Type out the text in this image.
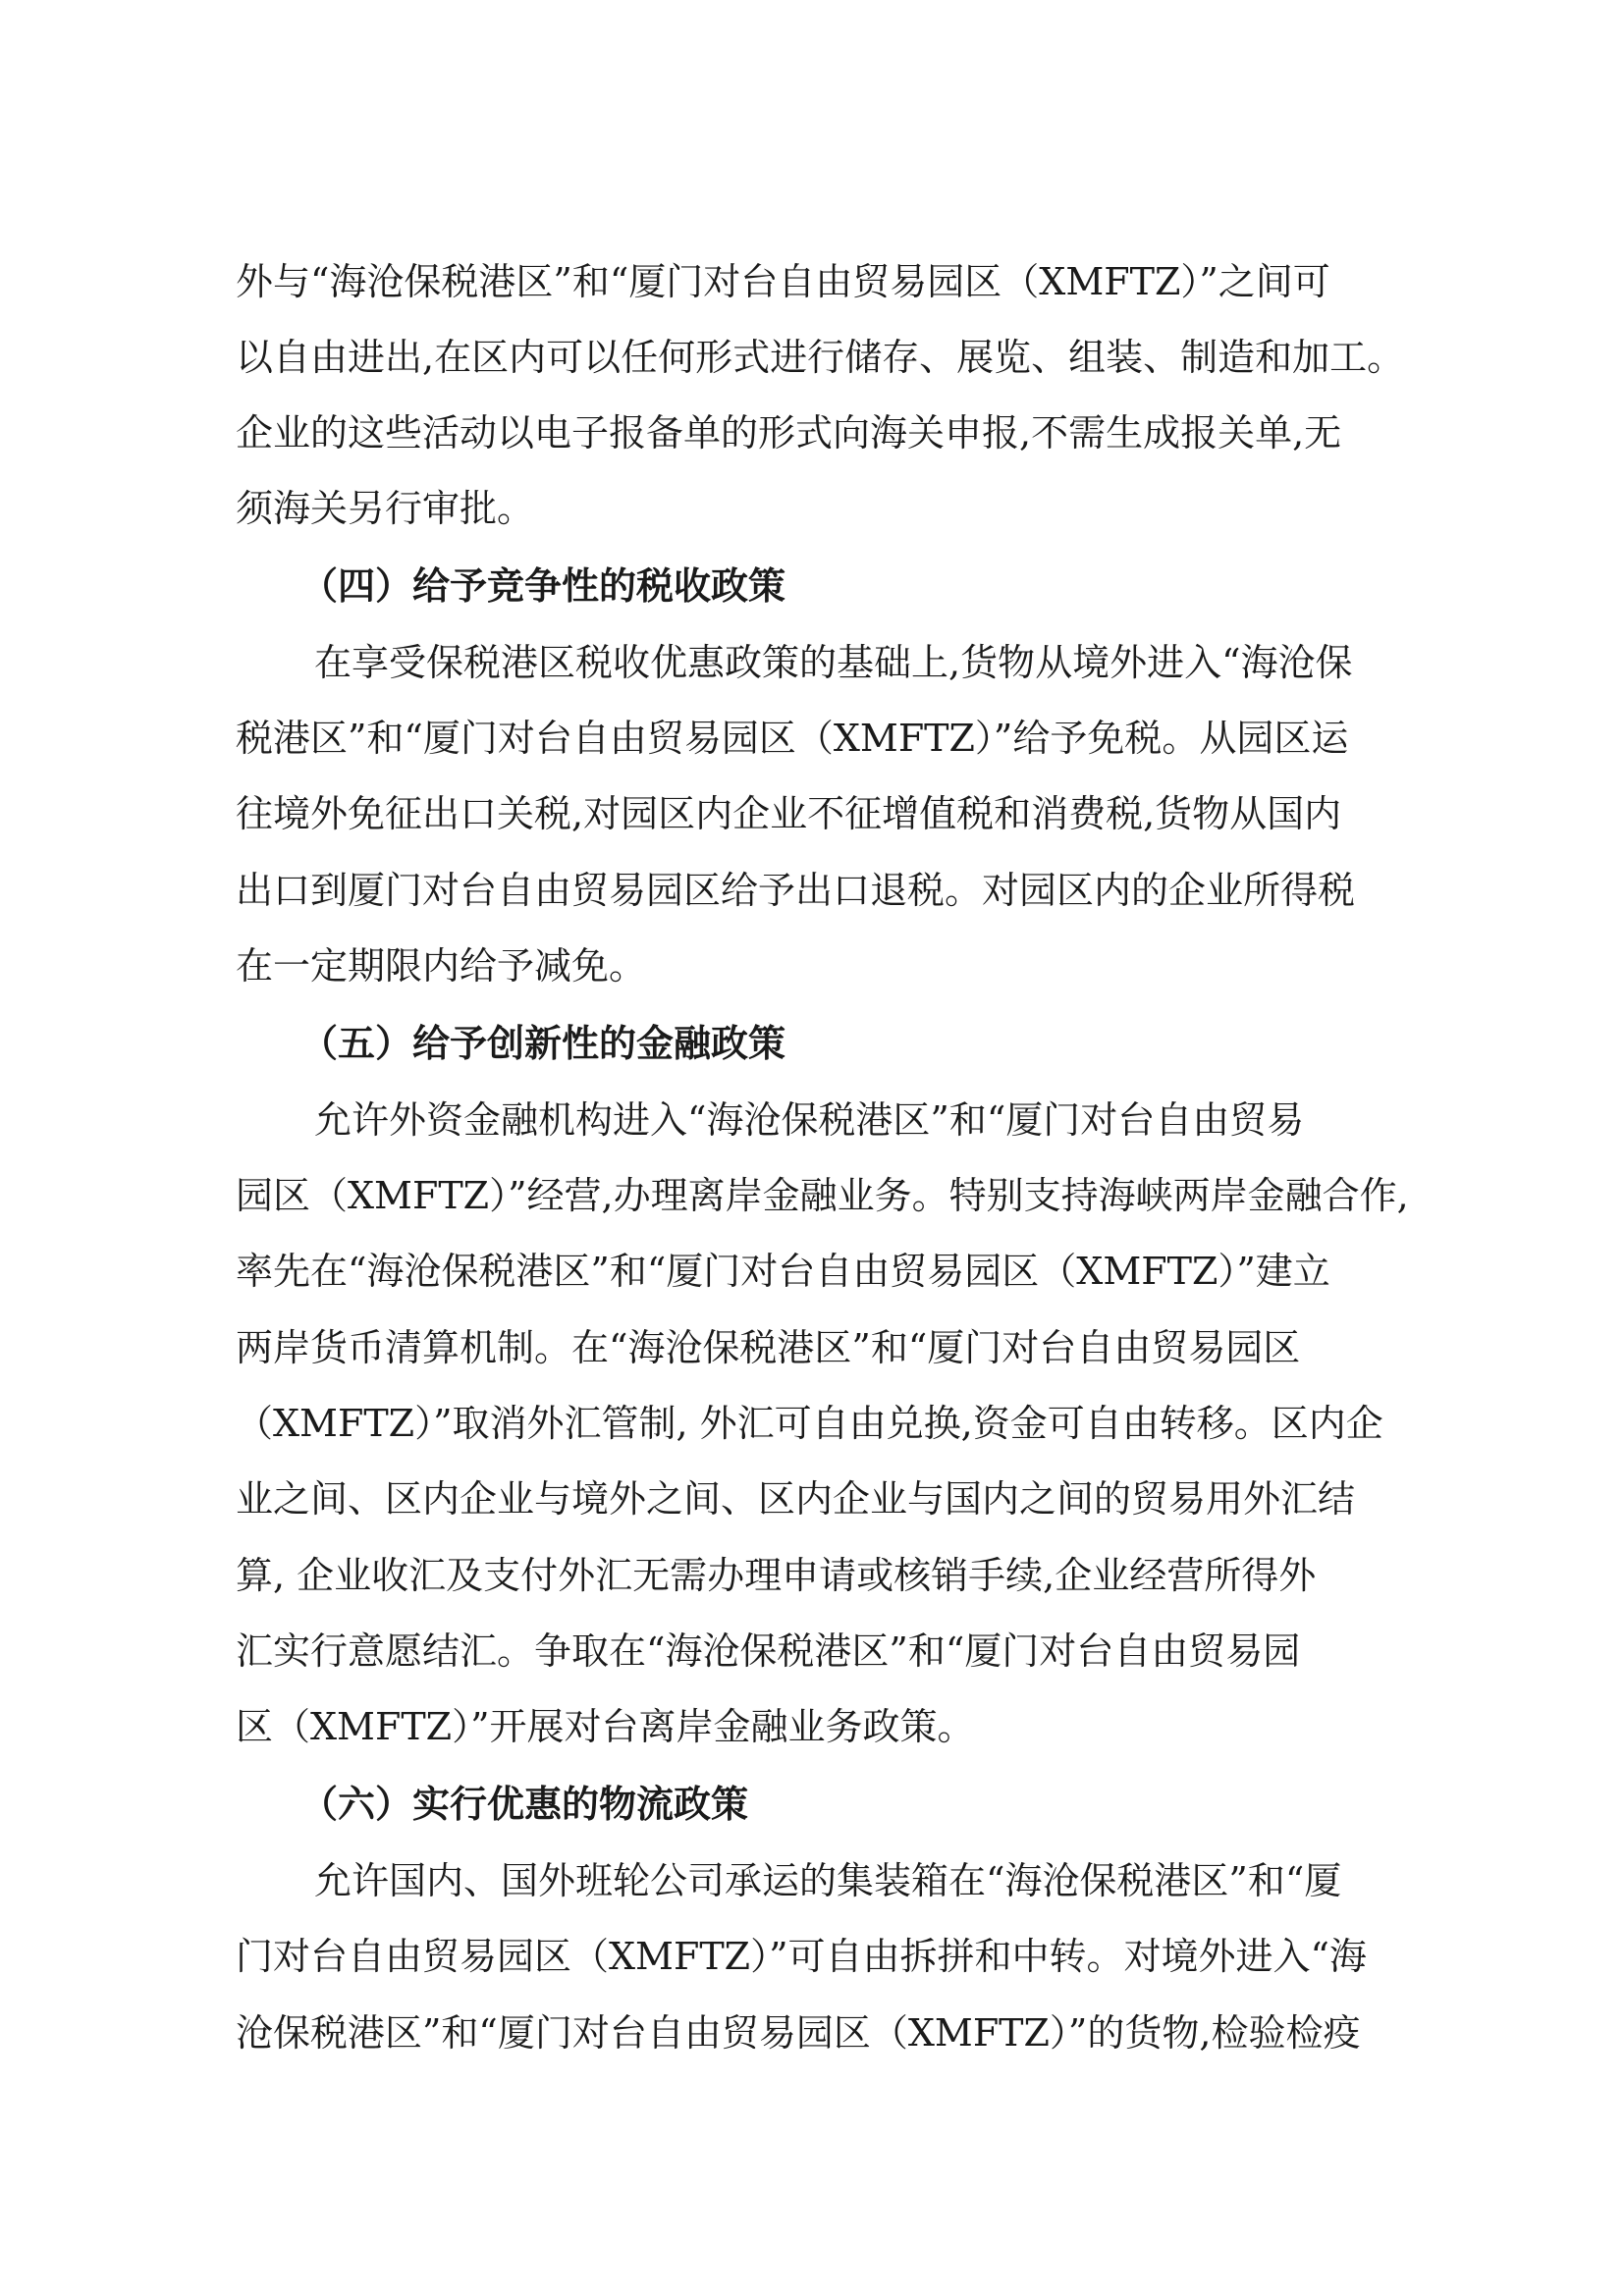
外与“海沧保税港区”和“厦门对台自由贸易园区（XMFTZ）”之间可
以自由进出,在区内可以任何形式进行储存、展览、组装、制造和加工。
企业的这些活动以电子报备单的形式向海关申报,不需生成报关单,无
须海关另行审批。
（四）给予竞争性的税收政策
在享受保税港区税收优惠政策的基础上,货物从境外进入“海沧保
税港区”和“厦门对台自由贸易园区（XMFTZ）”给予免税。从园区运
往境外免征出口关税,对园区内企业不征增值税和消费税,货物从国内
出口到厦门对台自由贸易园区给予出口退税。对园区内的企业所得税
在一定期限内给予减免。
（五）给予创新性的金融政策
允许外资金融机构进入“海沧保税港区”和“厦门对台自由贸易
园区（XMFTZ）”经营,办理离岸金融业务。特别支持海峡两岸金融合作,
率先在“海沧保税港区”和“厦门对台自由贸易园区（XMFTZ）”建立
两岸货币清算机制。在“海沧保税港区”和“厦门对台自由贸易园区
（XMFTZ）”取消外汇管制, 外汇可自由兑换,资金可自由转移。区内企
业之间、区内企业与境外之间、区内企业与国内之间的贸易用外汇结
算, 企业收汇及支付外汇无需办理申请或核销手续,企业经营所得外
汇实行意愿结汇。争取在“海沧保税港区”和“厦门对台自由贸易园
区（XMFTZ）”开展对台离岸金融业务政策。
（六）实行优惠的物流政策
允许国内、国外班轮公司承运的集装箱在“海沧保税港区”和“厦
门对台自由贸易园区（XMFTZ）”可自由拆拼和中转。对境外进入“海
沧保税港区”和“厦门对台自由贸易园区（XMFTZ）”的货物,检验检疫
